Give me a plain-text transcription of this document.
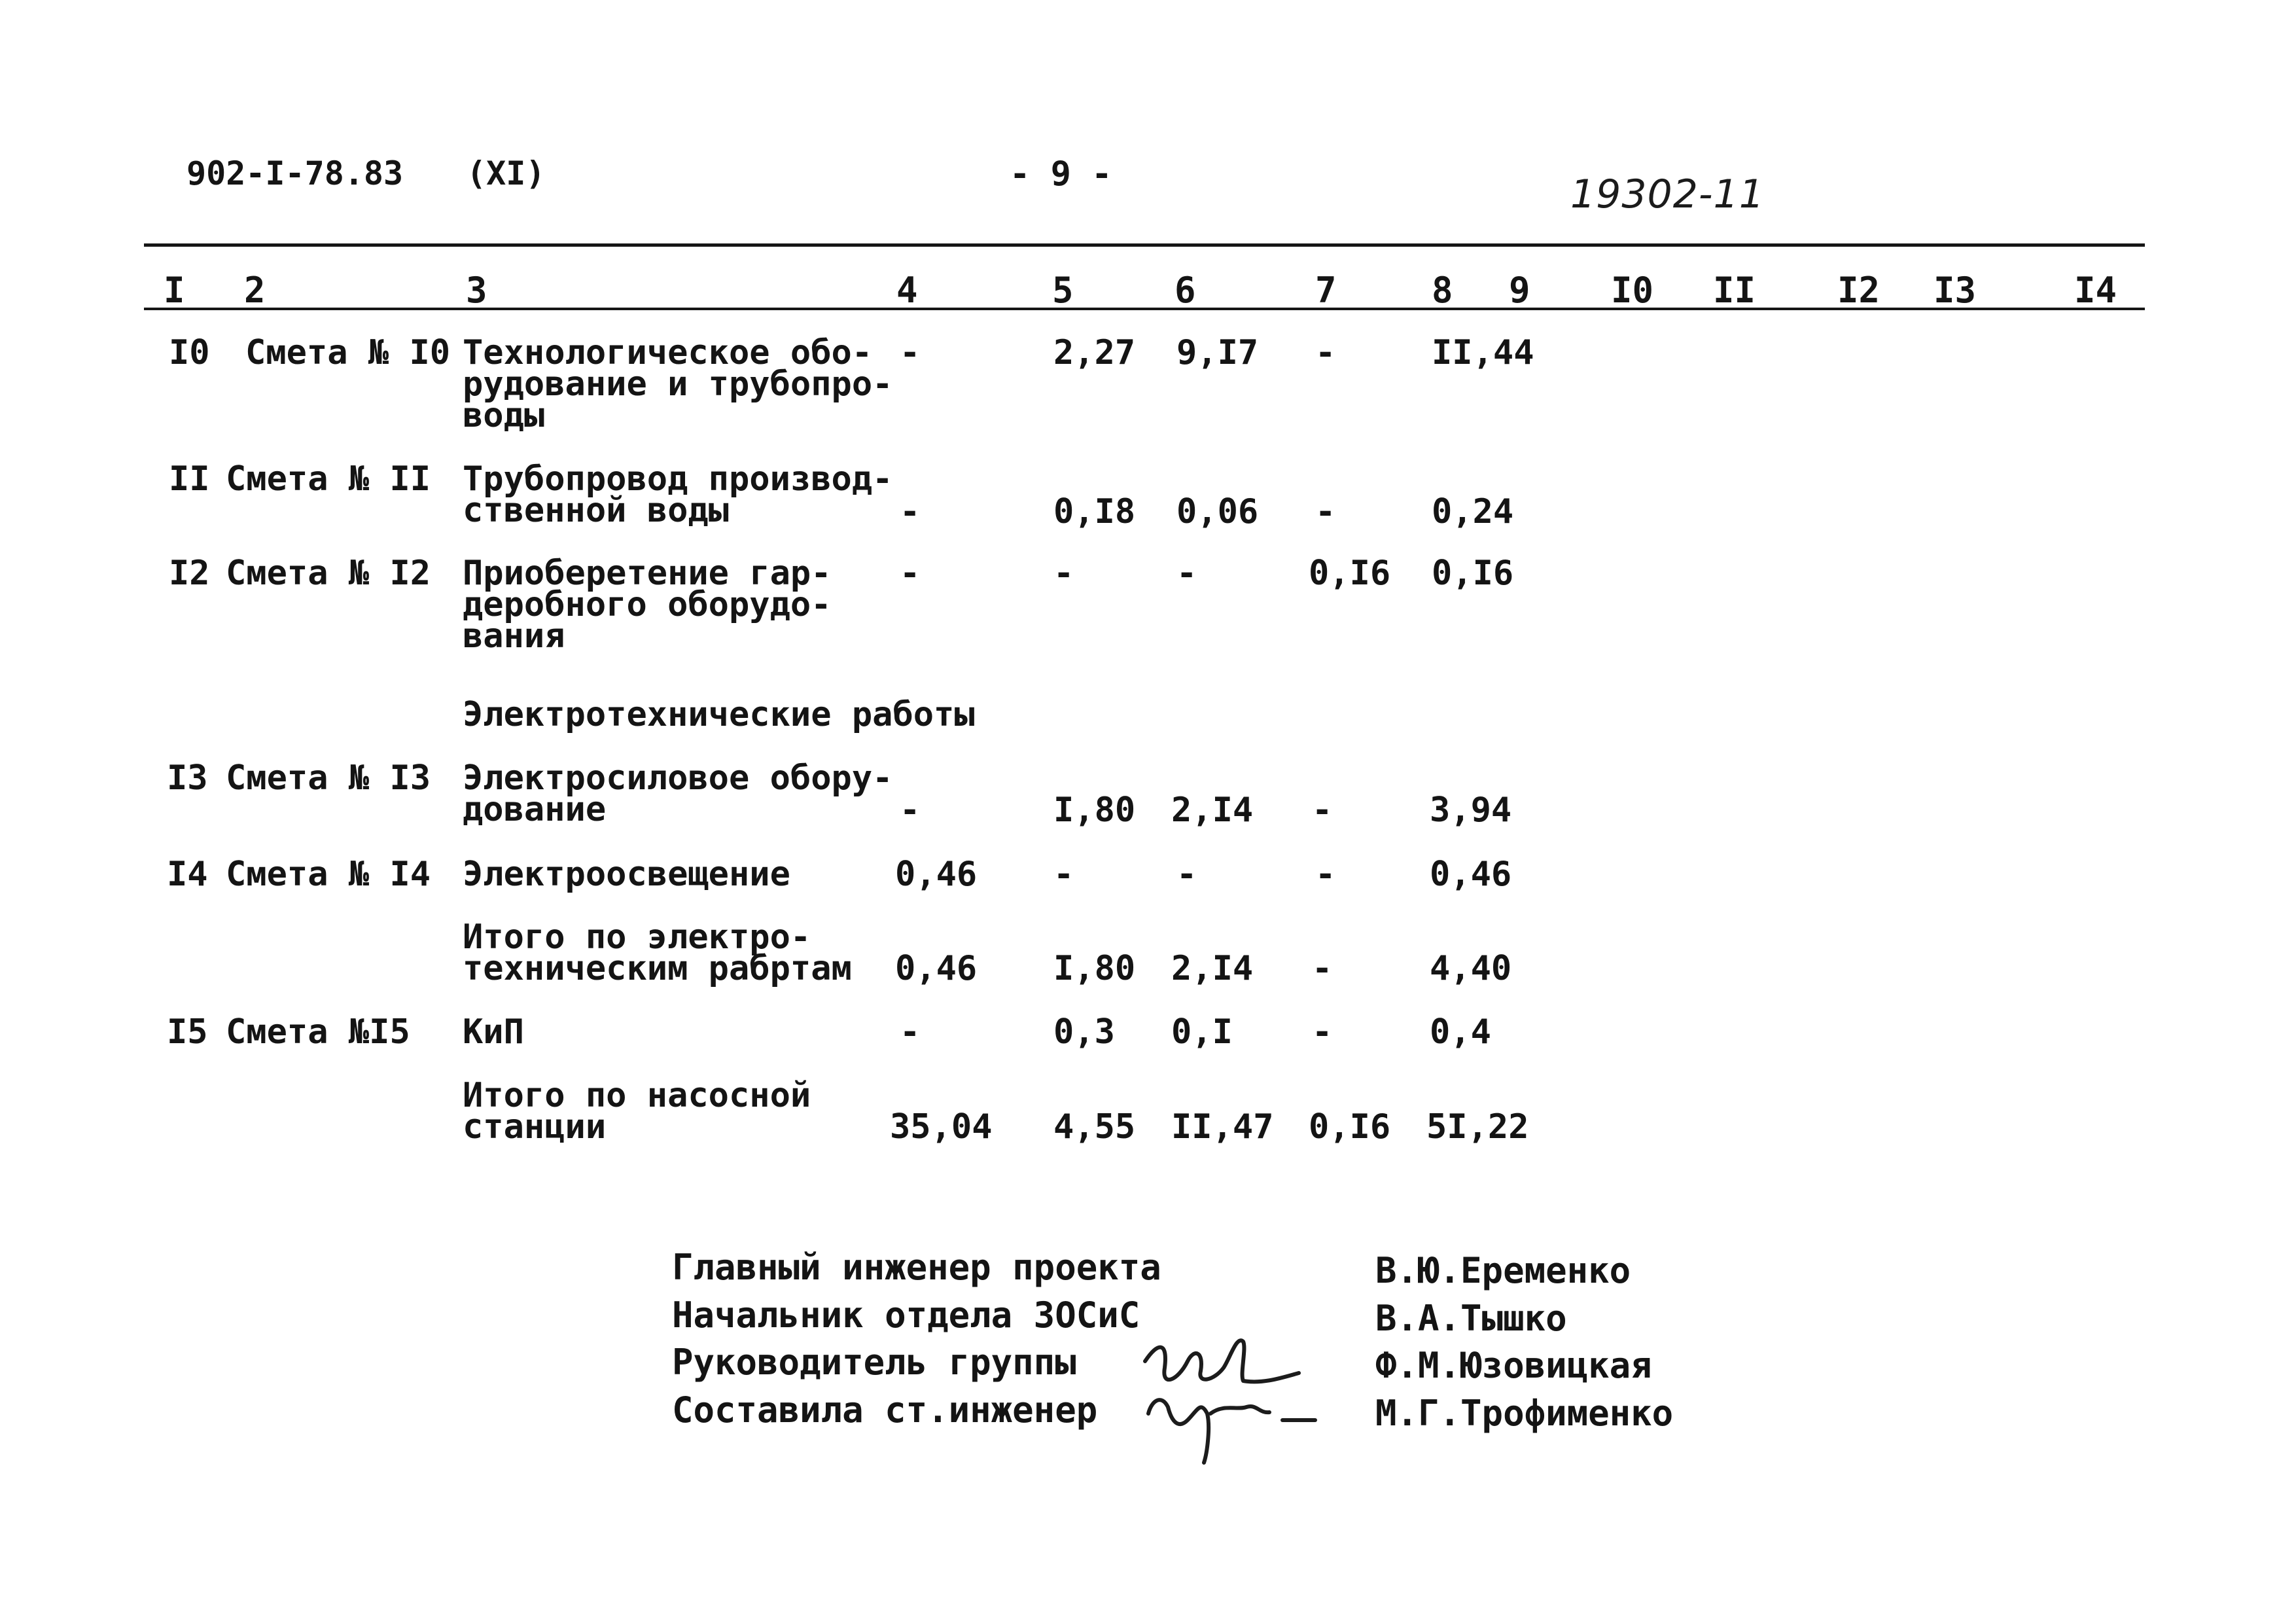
902-I-78.83 (XI)	- 9 -	19302-11
I 2	3	4	5	6	7	8 9 I0 II I2 I3	I4
I0 Смета № I0 Технологическое обо-
рудование и трубопро-
воды
-	2,27 9,I7 -	II,44
II Смета № II Трубопровод производ-
ственной воды	-	0,I8 0,06 -	0,24
I2 Смета № I2 Приоберетение гар-
деробного оборудо-
вания
-	-	-	0,I6 0,I6
Электротехнические работы
I3 Смета № I3 Электросиловое обору-
дование	-	I,80 2,I4 -	3,94
I4 Смета № I4 Электроосвещение	0,46 -	-	-	0,46
Итого по электро-
техническим рабртам	0,46 I,80 2,I4 -	4,40
I5 Смета №I5 КиП	-	0,3 0,I -	0,4
Итого по насосной
станции	35,04 4,55 II,47 0,I6 5I,22
Главный инженер проекта	В.Ю.Еременко
Начальник отдела ЗОСиС	В.А.Тышко
Руководитель группы	Ф.М.Юзовицкая
Составила ст.инженер	М.Г.Трофименко
